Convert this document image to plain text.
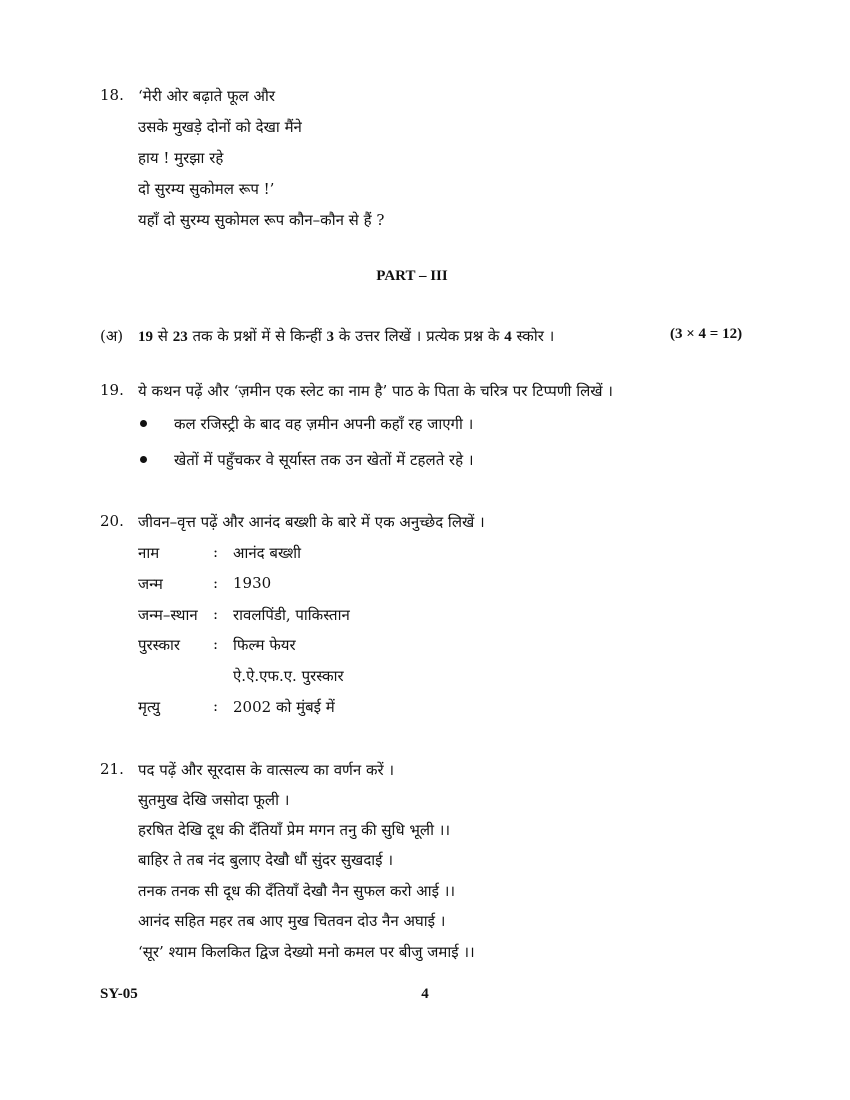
18. ‘मेरी ओर बढ़ाते फूल और
उसके मुखड़े दोनों को देखा मैंने
हाय ! मुरझा रहे
दो सुरम्य सुकोमल रूप !’
यहाँ दो सुरम्य सुकोमल रूप कौन–कौन से हैं ?
PART – III
(अ) 19 से 23 तक के प्रश्नों में से किन्हीं 3 के उत्तर लिखें । प्रत्येक प्रश्न के 4 स्कोर ।	(3 × 4 = 12)
19. ये कथन पढ़ें और ‘ज़मीन एक स्लेट का नाम है’ पाठ के पिता के चरित्र पर टिप्पणी लिखें ।
कल रजिस्ट्री के बाद वह ज़मीन अपनी कहाँ रह जाएगी ।
खेतों में पहुँचकर वे सूर्यास्त तक उन खेतों में टहलते रहे ।
20. जीवन–वृत्त पढ़ें और आनंद बख्शी के बारे में एक अनुच्छेद लिखें ।
नाम	: आनंद बख्शी
जन्म	: 1930
जन्म–स्थान : रावलपिंडी, पाकिस्तान
पुरस्कार : फिल्म फेयर
ऐ.ऐ.एफ.ए. पुरस्कार
मृत्यु	: 2002 को मुंबई में
21. पद पढ़ें और सूरदास के वात्सल्य का वर्णन करें ।
सुतमुख देखि जसोदा फूली ।
हरषित देखि दूध की दँतियाँ प्रेम मगन तनु की सुधि भूली ।।
बाहिर ते तब नंद बुलाए देखौ धौं सुंदर सुखदाई ।
तनक तनक सी दूध की दँतियाँ देखौ नैन सुफल करो आई ।।
आनंद सहित महर तब आए मुख चितवन दोउ नैन अघाई ।
‘सूर’ श्याम किलकित द्विज देख्यो मनो कमल पर बीजु जमाई ।।
SY-05	4
